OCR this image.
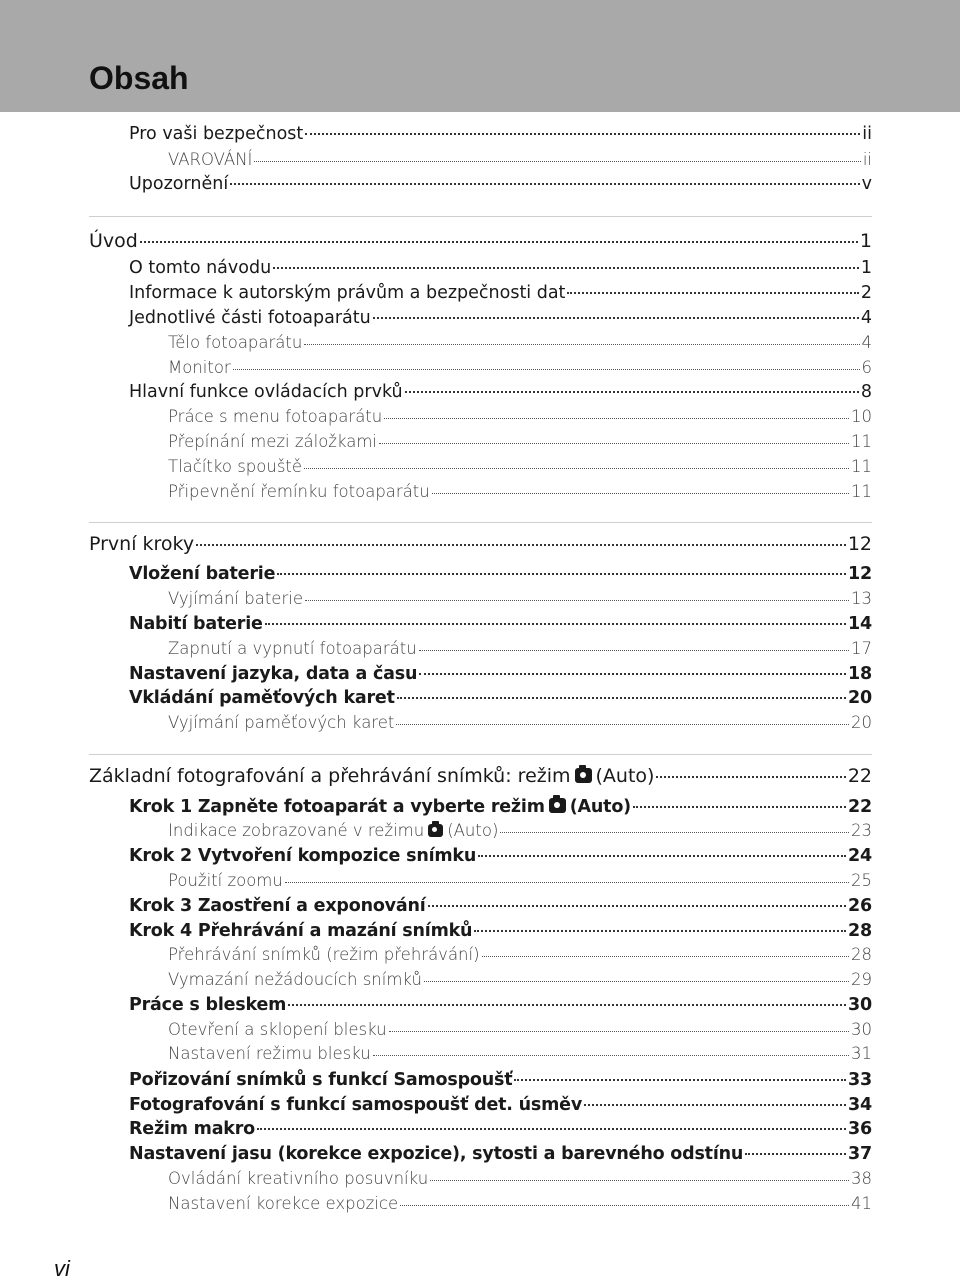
Obsah
Pro vaši bezpečnost	ii
VAROVÁNÍ	ii
Upozornění	v
Úvod	1
O tomto návodu	1
Informace k autorským právům a bezpečnosti dat	2
Jednotlivé části fotoaparátu	4
Tělo fotoaparátu	4
Monitor	6
Hlavní funkce ovládacích prvků	8
Práce s menu fotoaparátu	10
Přepínání mezi záložkami	11
Tlačítko spouště	11
Připevnění řemínku fotoaparátu	11
První kroky	12
Vložení baterie	12
Vyjímání baterie	13
Nabití baterie	14
Zapnutí a vypnutí fotoaparátu	17
Nastavení jazyka, data a času	18
Vkládání paměťových karet	20
Vyjímání paměťových karet	20
Základní fotografování a přehrávání snímků: režim (Auto)	22
Krok 1 Zapněte fotoaparát a vyberte režim (Auto)	22
Indikace zobrazované v režimu (Auto)	23
Krok 2 Vytvoření kompozice snímku	24
Použití zoomu	25
Krok 3 Zaostření a exponování	26
Krok 4 Přehrávání a mazání snímků	28
Přehrávání snímků (režim přehrávání)	28
Vymazání nežádoucích snímků	29
Práce s bleskem	30
Otevření a sklopení blesku	30
Nastavení režimu blesku	31
Pořizování snímků s funkcí Samospoušť	33
Fotografování s funkcí samospoušť det. úsměv	34
Režim makro	36
Nastavení jasu (korekce expozice), sytosti a barevného odstínu	37
Ovládání kreativního posuvníku	38
Nastavení korekce expozice	41
vi
